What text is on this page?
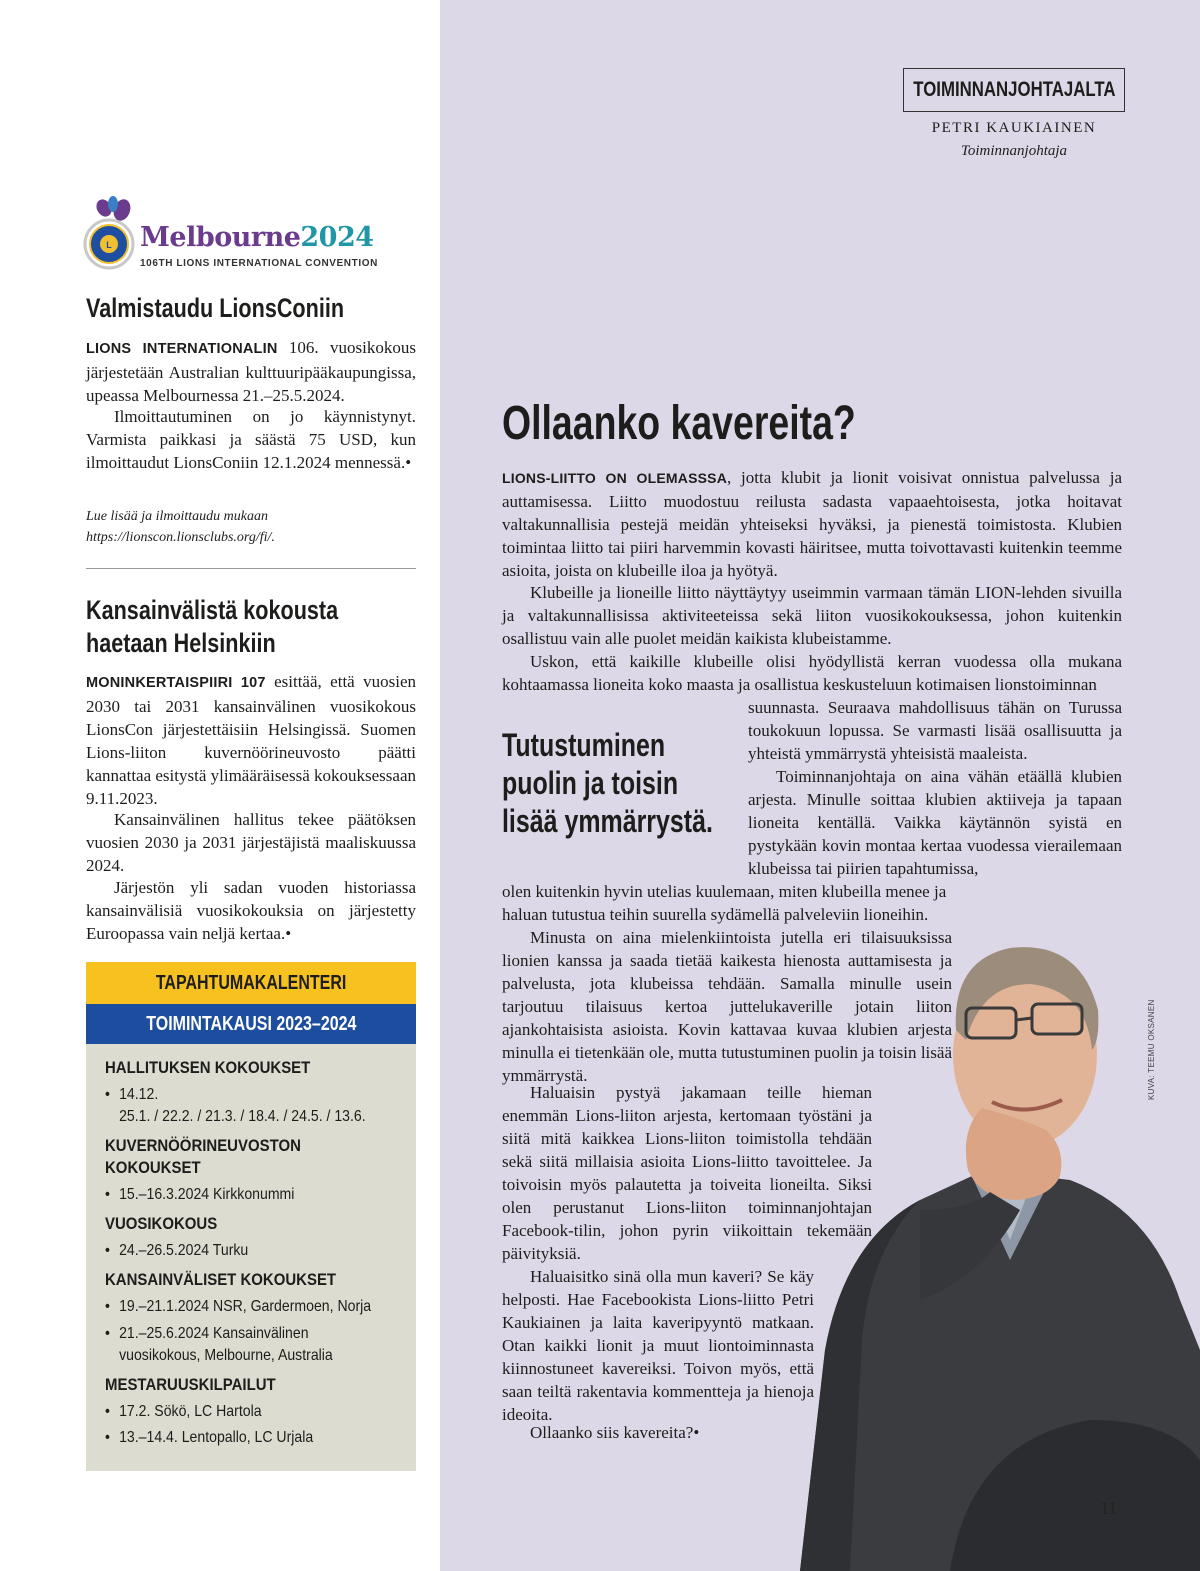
L Melbourne2024
106TH LIONS INTERNATIONAL CONVENTION
Valmistaudu LionsConiin
LIONS INTERNATIONALIN 106. vuosikokous järjestetään Australian kulttuuripääkaupungissa, upeassa Melbournessa 21.–25.5.2024.
Ilmoittautuminen on jo käynnistynyt. Varmista paikkasi ja säästä 75 USD, kun ilmoittaudut LionsConiin 12.1.2024 mennessä.•
Lue lisää ja ilmoittaudu mukaan
https://lionscon.lionsclubs.org/fi/.
Kansainvälistä kokousta
haetaan Helsinkiin
MONINKERTAISPIIRI 107 esittää, että vuosien 2030 tai 2031 kansainvälinen vuosikokous LionsCon järjestettäisiin Helsingissä. Suomen Lions-liiton kuvernöörineuvosto päätti kannattaa esitystä ylimääräisessä kokouksessaan 9.11.2023.
Kansainvälinen hallitus tekee päätöksen vuosien 2030 ja 2031 järjestäjistä maaliskuussa 2024.
Järjestön yli sadan vuoden historiassa kansainvälisiä vuosikokouksia on järjestetty Euroopassa vain neljä kertaa.•
TAPAHTUMAKALENTERI
TOIMINTAKAUSI 2023–2024
HALLITUKSEN KOKOUKSET
• 14.12.
25.1. / 22.2. / 21.3. / 18.4. / 24.5. / 13.6.
KUVERNÖÖRINEUVOSTON
KOKOUKSET
• 15.–16.3.2024 Kirkkonummi
VUOSIKOKOUS
• 24.–26.5.2024 Turku
KANSAINVÄLISET KOKOUKSET
• 19.–21.1.2024 NSR, Gardermoen, Norja
• 21.–25.6.2024 Kansainvälinen
vuosikokous, Melbourne, Australia
MESTARUUSKILPAILUT
• 17.2. Sökö, LC Hartola
• 13.–14.4. Lentopallo, LC Urjala
TOIMINNANJOHTAJALTA
PETRI KAUKIAINEN
Toiminnanjohtaja
Ollaanko kavereita?
LIONS-LIITTO ON OLEMASSSA, jotta klubit ja lionit voisivat onnistua palvelussa ja auttamisessa. Liitto muodostuu reilusta sadasta vapaaehtoisesta, jotka hoitavat valtakunnallisia pestejä meidän yhteiseksi hyväksi, ja pienestä toimistosta. Klubien toimintaa liitto tai piiri harvemmin kovasti häiritsee, mutta toivottavasti kuitenkin teemme asioita, joista on klubeille iloa ja hyötyä.
Klubeille ja lioneille liitto näyttäytyy useimmin varmaan tämän LION-lehden sivuilla ja valtakunnallisissa aktiviteeteissa sekä liiton vuosikokouksessa, johon kuitenkin osallistuu vain alle puolet meidän kaikista klubeistamme.
Uskon, että kaikille klubeille olisi hyödyllistä kerran vuodessa olla mukana kohtaamassa lioneita koko maasta ja osallistua keskusteluun kotimaisen lionstoiminnan
suunnasta. Seuraava mahdollisuus tähän on Turussa toukokuun lopussa. Se varmasti lisää osallisuutta ja yhteistä ymmärrystä yhteisistä maaleista.
Tutustuminen
puolin ja toisin
lisää ymmärrystä.
Toiminnanjohtaja on aina vähän etäällä klubien arjesta. Minulle soittaa klubien aktiiveja ja tapaan lioneita kentällä. Vaikka käytännön syistä en pystykään kovin montaa kertaa vuodessa vierailemaan klubeissa tai piirien tapahtumissa,
olen kuitenkin hyvin utelias kuulemaan, miten klubeilla menee ja haluan tutustua teihin suurella sydämellä palveleviin lioneihin.
Minusta on aina mielenkiintoista jutella eri tilaisuuksissa lionien kanssa ja saada tietää kaikesta hienosta auttamisesta ja palvelusta, jota klubeissa tehdään. Samalla minulle usein tarjoutuu tilaisuus kertoa juttelukaverille jotain liiton ajankohtaisista asioista. Kovin kattavaa kuvaa klubien arjesta minulla ei tietenkään ole, mutta tutustuminen puolin ja toisin lisää ymmärrystä.
Haluaisin pystyä jakamaan teille hieman enemmän Lions-liiton arjesta, kertomaan työstäni ja siitä mitä kaikkea Lions-liiton toimistolla tehdään sekä siitä millaisia asioita Lions-liitto tavoittelee. Ja toivoisin myös palautetta ja toiveita lioneilta. Siksi olen perustanut Lions-liiton toiminnanjohtajan Facebook-tilin, johon pyrin viikoittain tekemään päivityksiä.
Haluaisitko sinä olla mun kaveri? Se käy helposti. Hae Facebookista Lions-liitto Petri Kaukiainen ja laita kaveripyyntö matkaan. Otan kaikki lionit ja muut liontoiminnasta kiinnostuneet kavereiksi. Toivon myös, että saan teiltä rakentavia kommentteja ja hienoja ideoita.
Ollaanko siis kavereita?•
KUVA: TEEMU OKSANEN
11
